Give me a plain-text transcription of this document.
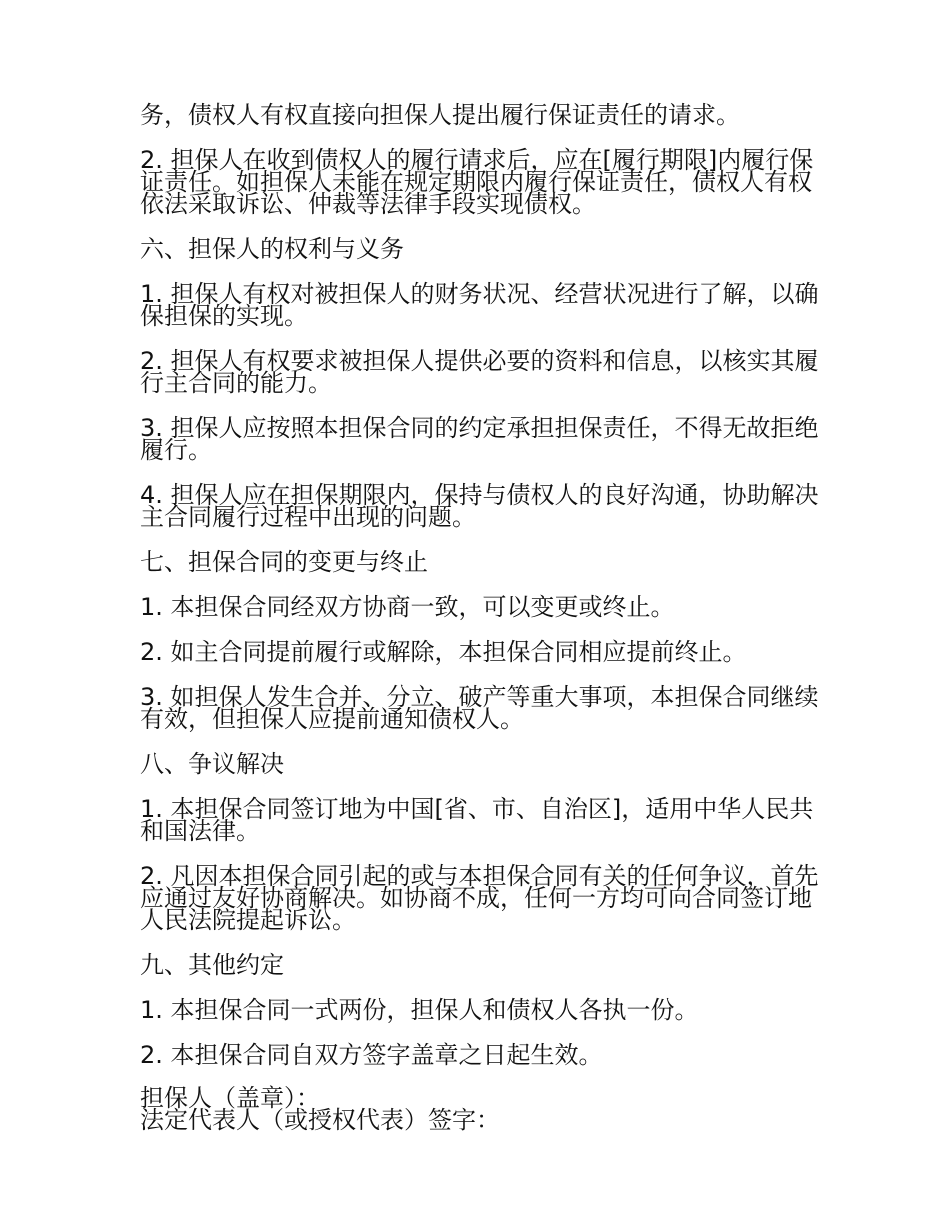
务，债权人有权直接向担保人提出履行保证责任的请求。

2. 担保人在收到债权人的履行请求后，应在[履行期限]内履行保证责任。如担保人未能在规定期限内履行保证责任，债权人有权依法采取诉讼、仲裁等法律手段实现债权。

六、担保人的权利与义务

1. 担保人有权对被担保人的财务状况、经营状况进行了解，以确保担保的实现。

2. 担保人有权要求被担保人提供必要的资料和信息，以核实其履行主合同的能力。

3. 担保人应按照本担保合同的约定承担担保责任，不得无故拒绝履行。

4. 担保人应在担保期限内，保持与债权人的良好沟通，协助解决主合同履行过程中出现的问题。

七、担保合同的变更与终止

1. 本担保合同经双方协商一致，可以变更或终止。

2. 如主合同提前履行或解除，本担保合同相应提前终止。

3. 如担保人发生合并、分立、破产等重大事项，本担保合同继续有效，但担保人应提前通知债权人。

八、争议解决

1. 本担保合同签订地为中国[省、市、自治区]，适用中华人民共和国法律。

2. 凡因本担保合同引起的或与本担保合同有关的任何争议，首先应通过友好协商解决。如协商不成，任何一方均可向合同签订地人民法院提起诉讼。

九、其他约定

1. 本担保合同一式两份，担保人和债权人各执一份。

2. 本担保合同自双方签字盖章之日起生效。

担保人（盖章）：

法定代表人（或授权代表）签字：
